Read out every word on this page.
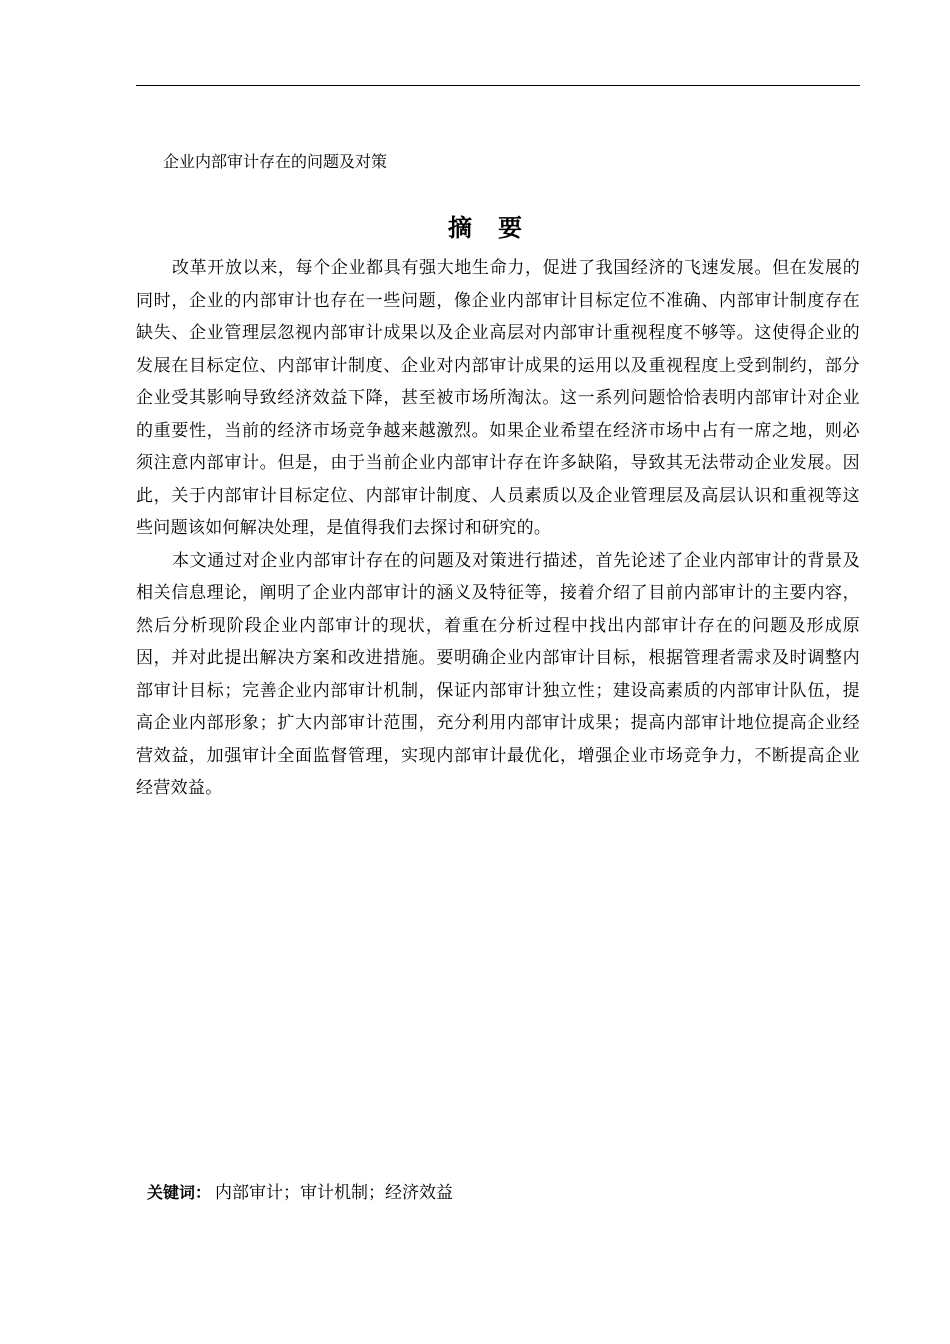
企业内部审计存在的问题及对策
摘要

改革开放以来，每个企业都具有强大地生命力，促进了我国经济的飞速发展。但在发展的同时，企业的内部审计也存在一些问题，像企业内部审计目标定位不准确、内部审计制度存在缺失、企业管理层忽视内部审计成果以及企业高层对内部审计重视程度不够等。这使得企业的发展在目标定位、内部审计制度、企业对内部审计成果的运用以及重视程度上受到制约，部分企业受其影响导致经济效益下降，甚至被市场所淘汰。这一系列问题恰恰表明内部审计对企业的重要性，当前的经济市场竞争越来越激烈。如果企业希望在经济市场中占有一席之地，则必须注意内部审计。但是，由于当前企业内部审计存在许多缺陷，导致其无法带动企业发展。因此，关于内部审计目标定位、内部审计制度、人员素质以及企业管理层及高层认识和重视等这些问题该如何解决处理，是值得我们去探讨和研究的。

本文通过对企业内部审计存在的问题及对策进行描述，首先论述了企业内部审计的背景及相关信息理论，阐明了企业内部审计的涵义及特征等，接着介绍了目前内部审计的主要内容，然后分析现阶段企业内部审计的现状，着重在分析过程中找出内部审计存在的问题及形成原因，并对此提出解决方案和改进措施。要明确企业内部审计目标，根据管理者需求及时调整内部审计目标；完善企业内部审计机制，保证内部审计独立性；建设高素质的内部审计队伍，提高企业内部形象；扩大内部审计范围，充分利用内部审计成果；提高内部审计地位提高企业经营效益，加强审计全面监督管理，实现内部审计最优化，增强企业市场竞争力，不断提高企业经营效益。

关键词： 内部审计；审计机制；经济效益
